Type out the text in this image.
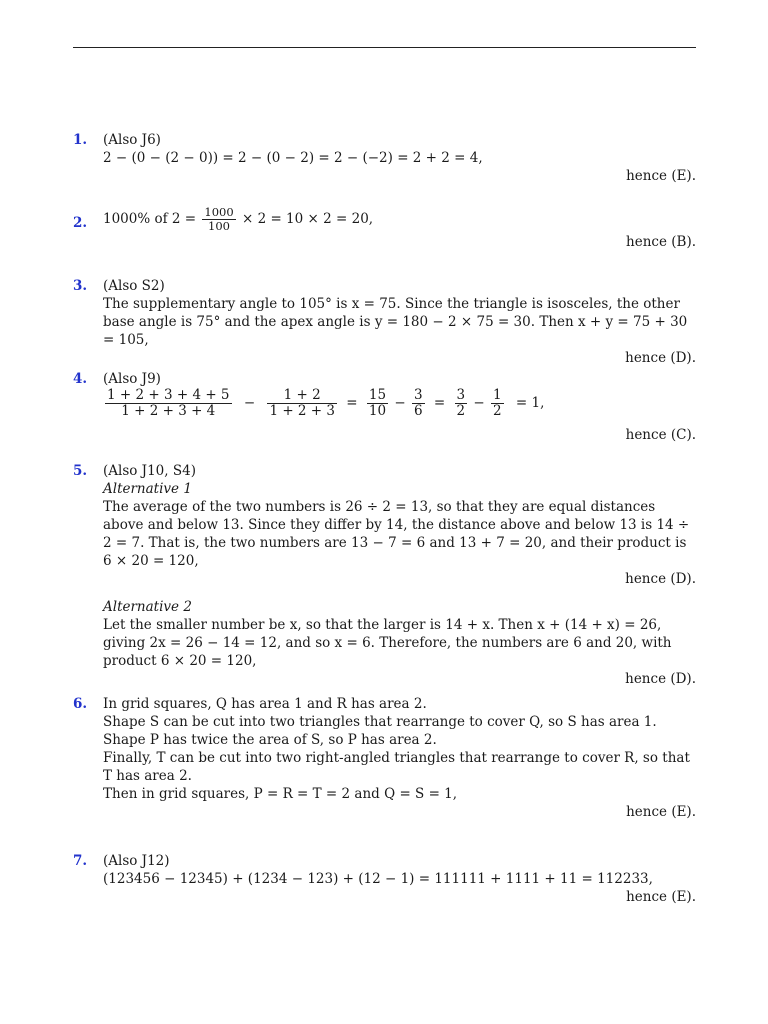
1. (Also J6)
2 − (0 − (2 − 0)) = 2 − (0 − 2) = 2 − (−2) = 2 + 2 = 4,
hence (E).
2. 1000% of $2 = \frac{1000}{100} \times 2 = 10 \times 2 = 20$,
hence (B).
3. (Also S2)
The supplementary angle to 105° is x = 75. Since the triangle is isosceles, the other base angle is 75° and the apex angle is y = 180 − 2 × 75 = 30. Then x + y = 75 + 30 = 105,
hence (D).
4. (Also J9)
$\frac{1 + 2 + 3 + 4 + 5}{1 + 2 + 3 + 4} - \frac{1 + 2}{1 + 2 + 3} = \frac{15}{10} - \frac{3}{6} = \frac{3}{2} - \frac{1}{2} = 1$,
hence (C).
5. (Also J10, S4)
Alternative 1
The average of the two numbers is 26 ÷ 2 = 13, so that they are equal distances above and below 13. Since they differ by 14, the distance above and below 13 is 14 ÷ 2 = 7. That is, the two numbers are 13 − 7 = 6 and 13 + 7 = 20, and their product is 6 × 20 = 120,
hence (D).
Alternative 2
Let the smaller number be x, so that the larger is 14 + x. Then x + (14 + x) = 26, giving 2x = 26 − 14 = 12, and so x = 6. Therefore, the numbers are 6 and 20, with product 6 × 20 = 120,
hence (D).
6. In grid squares, Q has area 1 and R has area 2.
Shape S can be cut into two triangles that rearrange to cover Q, so S has area 1.
Shape P has twice the area of S, so P has area 2.
Finally, T can be cut into two right-angled triangles that rearrange to cover R, so that T has area 2.
Then in grid squares, P = R = T = 2 and Q = S = 1,
hence (E).
7. (Also J12)
(123456 − 12345) + (1234 − 123) + (12 − 1) = 111111 + 1111 + 11 = 112233,
hence (E).
